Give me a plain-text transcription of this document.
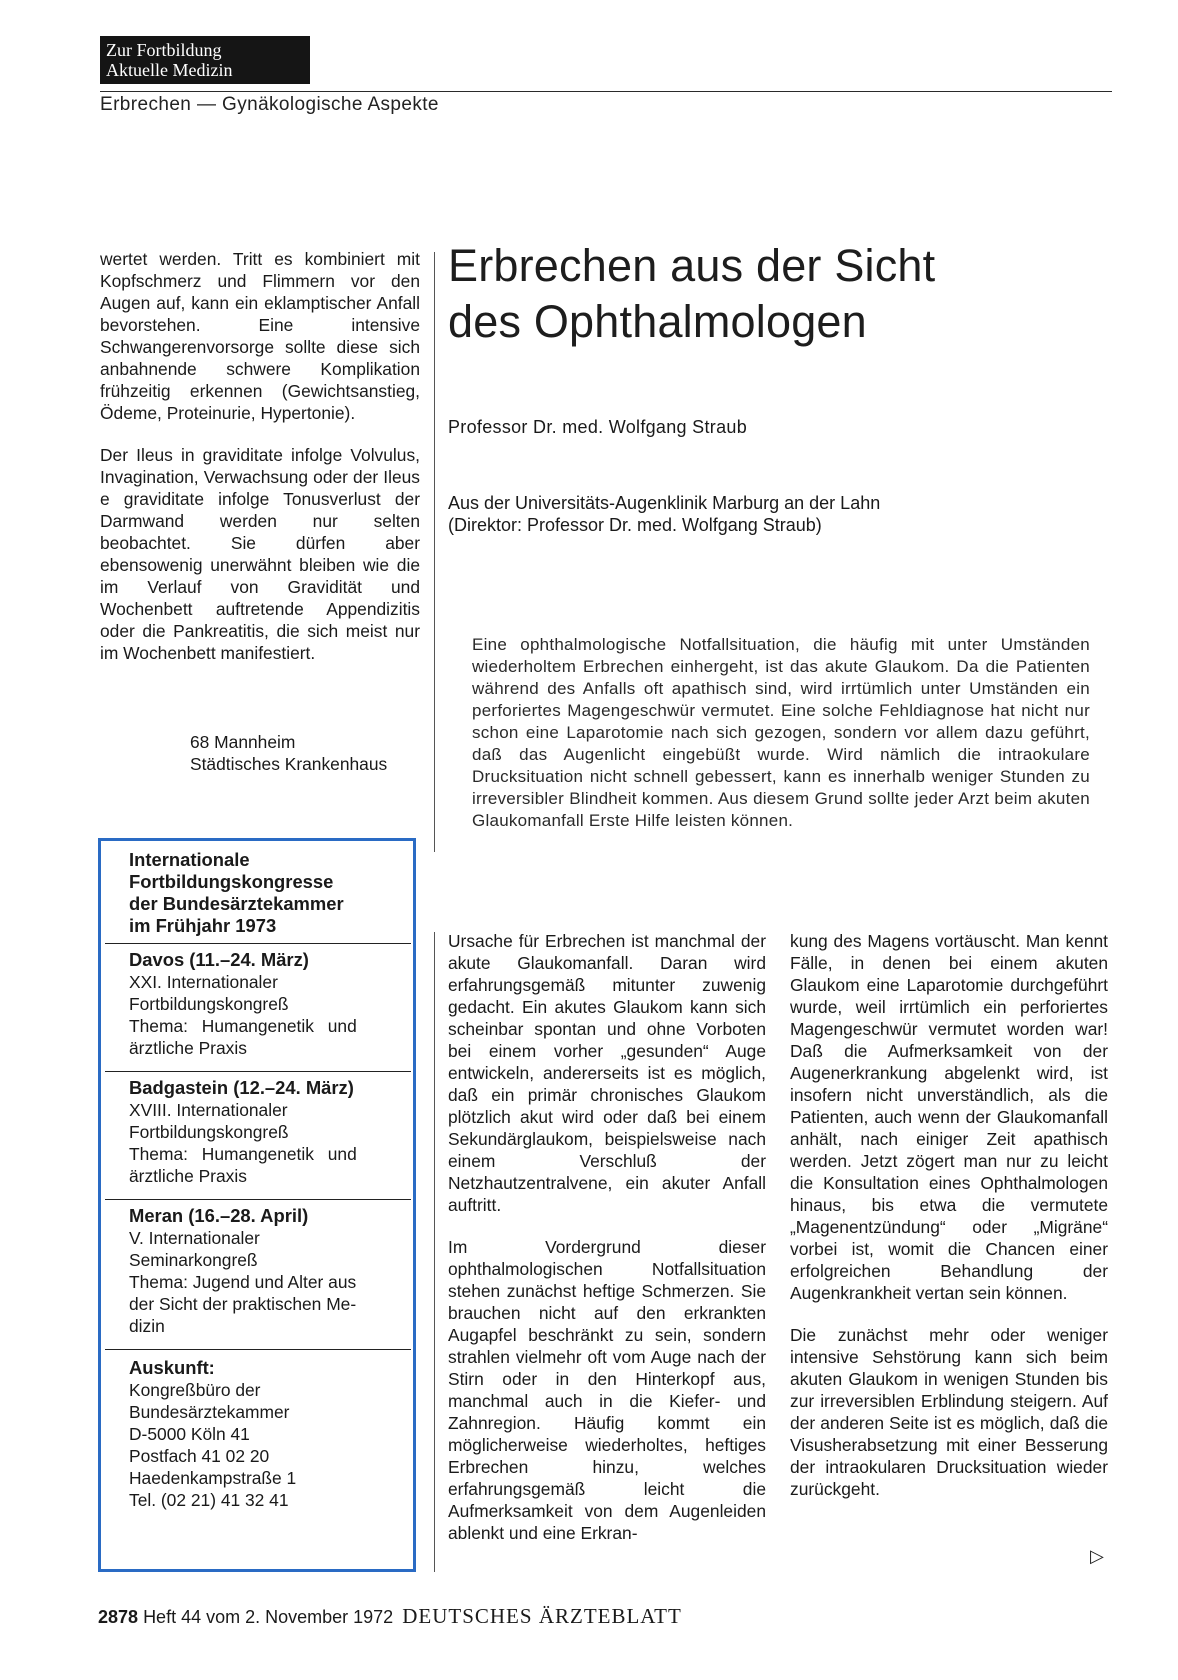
Zur Fortbildung
Aktuelle Medizin
Erbrechen — Gynäkologische Aspekte

wertet werden. Tritt es kombiniert mit Kopfschmerz und Flimmern vor den Augen auf, kann ein eklamptischer Anfall bevorstehen. Eine intensive Schwangerenvorsorge sollte diese sich anbahnende schwere Komplikation frühzeitig erkennen (Gewichtsanstieg, Ödeme, Proteinurie, Hypertonie).

Der Ileus in graviditate infolge Volvulus, Invagination, Verwachsung oder der Ileus e graviditate infolge Tonusverlust der Darmwand werden nur selten beobachtet. Sie dürfen aber ebensowenig unerwähnt bleiben wie die im Verlauf von Gravidität und Wochenbett auftretende Appendizitis oder die Pankreatitis, die sich meist nur im Wochenbett manifestiert.

68 Mannheim
Städtisches Krankenhaus
Erbrechen aus der Sicht
des Ophthalmologen
Professor Dr. med. Wolfgang Straub
Aus der Universitäts-Augenklinik Marburg an der Lahn
(Direktor: Professor Dr. med. Wolfgang Straub)
Eine ophthalmologische Notfallsituation, die häufig mit unter Umständen wiederholtem Erbrechen einhergeht, ist das akute Glaukom. Da die Patienten während des Anfalls oft apathisch sind, wird irrtümlich unter Umständen ein perforiertes Magengeschwür vermutet. Eine solche Fehldiagnose hat nicht nur schon eine Laparotomie nach sich gezogen, sondern vor allem dazu geführt, daß das Augenlicht eingebüßt wurde. Wird nämlich die intraokulare Drucksituation nicht schnell gebessert, kann es innerhalb weniger Stunden zu irreversibler Blindheit kommen. Aus diesem Grund sollte jeder Arzt beim akuten Glaukomanfall Erste Hilfe leisten können.
Internationale
Fortbildungskongresse
der Bundesärztekammer
im Frühjahr 1973
Davos (11.–24. März)
XXI. Internationaler
Fortbildungskongreß
Thema: Humangenetik und
ärztliche Praxis
Badgastein (12.–24. März)
XVIII. Internationaler
Fortbildungskongreß
Thema: Humangenetik und
ärztliche Praxis
Meran (16.–28. April)
V. Internationaler
Seminarkongreß
Thema: Jugend und Alter aus
der Sicht der praktischen Me-
dizin
Auskunft:
Kongreßbüro der
Bundesärztekammer
D-5000 Köln 41
Postfach 41 02 20
Haedenkampstraße 1
Tel. (02 21) 41 32 41

Ursache für Erbrechen ist manchmal der akute Glaukomanfall. Daran wird erfahrungsgemäß mitunter zuwenig gedacht. Ein akutes Glaukom kann sich scheinbar spontan und ohne Vorboten bei einem vorher „gesunden“ Auge entwickeln, andererseits ist es möglich, daß ein primär chronisches Glaukom plötzlich akut wird oder daß bei einem Sekundärglaukom, beispielsweise nach einem Verschluß der Netzhautzentralvene, ein akuter Anfall auftritt.

Im Vordergrund dieser ophthalmologischen Notfallsituation stehen zunächst heftige Schmerzen. Sie brauchen nicht auf den erkrankten Augapfel beschränkt zu sein, sondern strahlen vielmehr oft vom Auge nach der Stirn oder in den Hinterkopf aus, manchmal auch in die Kiefer- und Zahnregion. Häufig kommt ein möglicherweise wiederholtes, heftiges Erbrechen hinzu, welches erfahrungsgemäß leicht die Aufmerksamkeit von dem Augenleiden ablenkt und eine Erkran-

kung des Magens vortäuscht. Man kennt Fälle, in denen bei einem akuten Glaukom eine Laparotomie durchgeführt wurde, weil irrtümlich ein perforiertes Magengeschwür vermutet worden war! Daß die Aufmerksamkeit von der Augenerkrankung abgelenkt wird, ist insofern nicht unverständlich, als die Patienten, auch wenn der Glaukomanfall anhält, nach einiger Zeit apathisch werden. Jetzt zögert man nur zu leicht die Konsultation eines Ophthalmologen hinaus, bis etwa die vermutete „Magenentzündung“ oder „Migräne“ vorbei ist, womit die Chancen einer erfolgreichen Behandlung der Augenkrankheit vertan sein können.

Die zunächst mehr oder weniger intensive Sehstörung kann sich beim akuten Glaukom in wenigen Stunden bis zur irreversiblen Erblindung steigern. Auf der anderen Seite ist es möglich, daß die Visusherabsetzung mit einer Besserung der intraokularen Drucksituation wieder zurückgeht.

▷
2878 Heft 44 vom 2. November 1972 DEUTSCHES ÄRZTEBLATT
